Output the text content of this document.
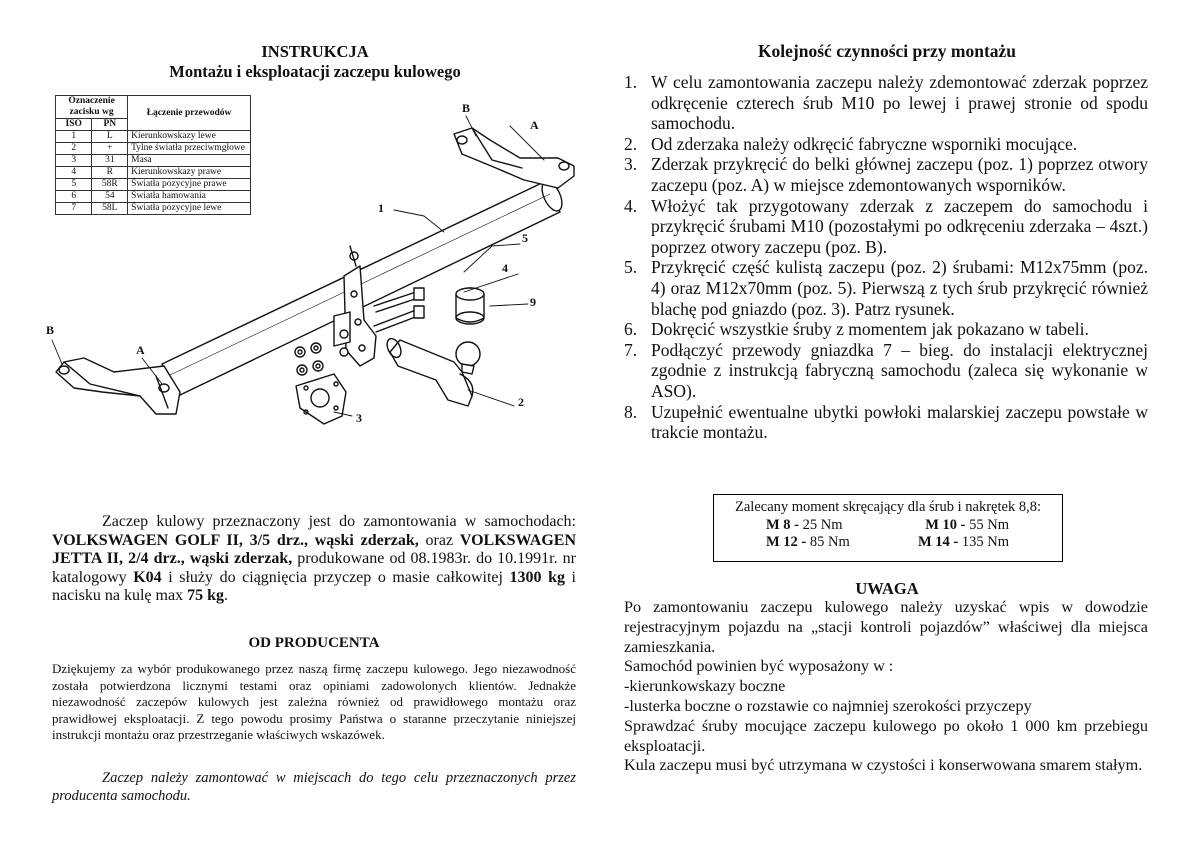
INSTRUKCJA
Montażu i eksploatacji zaczepu kulowego
Oznaczenie zacisku wg		Łączenie przewodów
ISO	PN	
1	L	Kierunkowskazy lewe
2	+	Tylne światła przeciwmgłowe
3	31	Masa
4	R	Kierunkowskazy prawe
5	58R	Światła pozycyjne prawe
6	54	Światła hamowania
7	58L	Światła pozycyjne lewe
B
A
B
A
1
2
3
4
5
9
Zaczep kulowy przeznaczony jest do zamontowania w samochodach: VOLKSWAGEN GOLF II, 3/5 drz., wąski zderzak, oraz VOLKSWAGEN JETTA II, 2/4 drz., wąski zderzak, produkowane od 08.1983r. do 10.1991r. nr katalogowy K04 i służy do ciągnięcia przyczep o masie całkowitej 1300 kg i nacisku na kulę max 75 kg.
OD PRODUCENTA
Dziękujemy za wybór produkowanego przez naszą firmę zaczepu kulowego. Jego niezawodność została potwierdzona licznymi testami oraz opiniami zadowolonych klientów. Jednakże niezawodność zaczepów kulowych jest zależna również od prawidłowego montażu oraz prawidłowej eksploatacji. Z tego powodu prosimy Państwa o staranne przeczytanie niniejszej instrukcji montażu oraz przestrzeganie właściwych wskazówek.
Zaczep należy zamontować w miejscach do tego celu przeznaczonych przez producenta samochodu.
Kolejność czynności przy montażu
1. W celu zamontowania zaczepu należy zdemontować zderzak poprzez odkręcenie czterech śrub M10 po lewej i prawej stronie od spodu samochodu.
2. Od zderzaka należy odkręcić fabryczne wsporniki mocujące.
3. Zderzak przykręcić do belki głównej zaczepu (poz. 1) poprzez otwory zaczepu (poz. A) w miejsce zdemontowanych wsporników.
4. Włożyć tak przygotowany zderzak z zaczepem do samochodu i przykręcić śrubami M10 (pozostałymi po odkręceniu zderzaka – 4szt.) poprzez otwory zaczepu (poz. B).
5. Przykręcić część kulistą zaczepu (poz. 2) śrubami: M12x75mm (poz. 4) oraz M12x70mm (poz. 5). Pierwszą z tych śrub przykręcić również blachę pod gniazdo (poz. 3). Patrz rysunek.
6. Dokręcić wszystkie śruby z momentem jak pokazano w tabeli.
7. Podłączyć przewody gniazdka 7 – bieg. do instalacji elektrycznej zgodnie z instrukcją fabryczną samochodu (zaleca się wykonanie w ASO).
8. Uzupełnić ewentualne ubytki powłoki malarskiej zaczepu powstałe w trakcie montażu.
Zalecany moment skręcający dla śrub i nakrętek 8,8:
M 8 - 25 Nm	M 10 - 55 Nm
M 12 - 85 Nm	M 14 - 135 Nm
UWAGA

Po zamontowaniu zaczepu kulowego należy uzyskać wpis w dowodzie rejestracyjnym pojazdu na „stacji kontroli pojazdów” właściwej dla miejsca zamieszkania.

Samochód powinien być wyposażony w :

-kierunkowskazy boczne

-lusterka boczne o rozstawie co najmniej szerokości przyczepy

Sprawdzać śruby mocujące zaczepu kulowego po około 1 000 km przebiegu eksploatacji.

Kula zaczepu musi być utrzymana w czystości i konserwowana smarem stałym.
